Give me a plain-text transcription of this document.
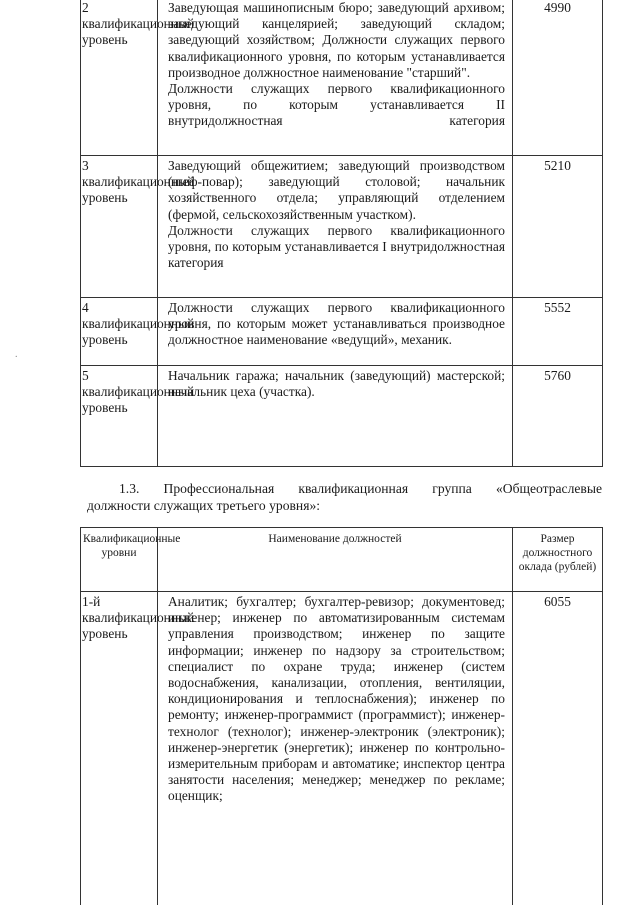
.
2 квалификационный уровень	Заведующая машинописным бюро; заведующий архивом; заведующий канцелярией; заведующий складом; заведующий хозяйством; Должности служащих первого квалификационного уровня, по которым устанавливается производное должностное наименование "старший".
Должности служащих первого квалификационного уровня, по которым устанавливается II внутридолжностная категория	4990
3 квалификационный уровень	Заведующий общежитием; заведующий производством (шеф-повар); заведующий столовой; начальник хозяйственного отдела; управляющий отделением (фермой, сельскохозяйственным участком).
Должности служащих первого квалификационного уровня, по которым устанавливается I внутридолжностная категория	5210
4 квалификационный уровень	Должности служащих первого квалификационного уровня, по которым может устанавливаться производное должностное наименование «ведущий», механик.	5552
5 квалификационный уровень	Начальник гаража; начальник (заведующий) мастерской; начальник цеха (участка).	5760
1.3. Профессиональная квалификационная группа «Общеотраслевые
должности служащих третьего уровня»:
Квалификационные уровни	Наименование должностей	Размер должностного оклада (рублей)
1-й квалификационный уровень	Аналитик; бухгалтер; бухгалтер-ревизор; документовед; инженер; инженер по автоматизированным системам управления производством; инженер по защите информации; инженер по надзору за строительством; специалист по охране труда; инженер (систем водоснабжения, канализации, отопления, вентиляции, кондиционирования и теплоснабжения); инженер по ремонту; инженер-программист (программист); инженер-технолог (технолог); инженер-электроник (электроник); инженер-энергетик (энергетик); инженер по контрольно-измерительным приборам и автоматике; инспектор центра занятости населения; менеджер; менеджер по рекламе; оценщик;	6055
